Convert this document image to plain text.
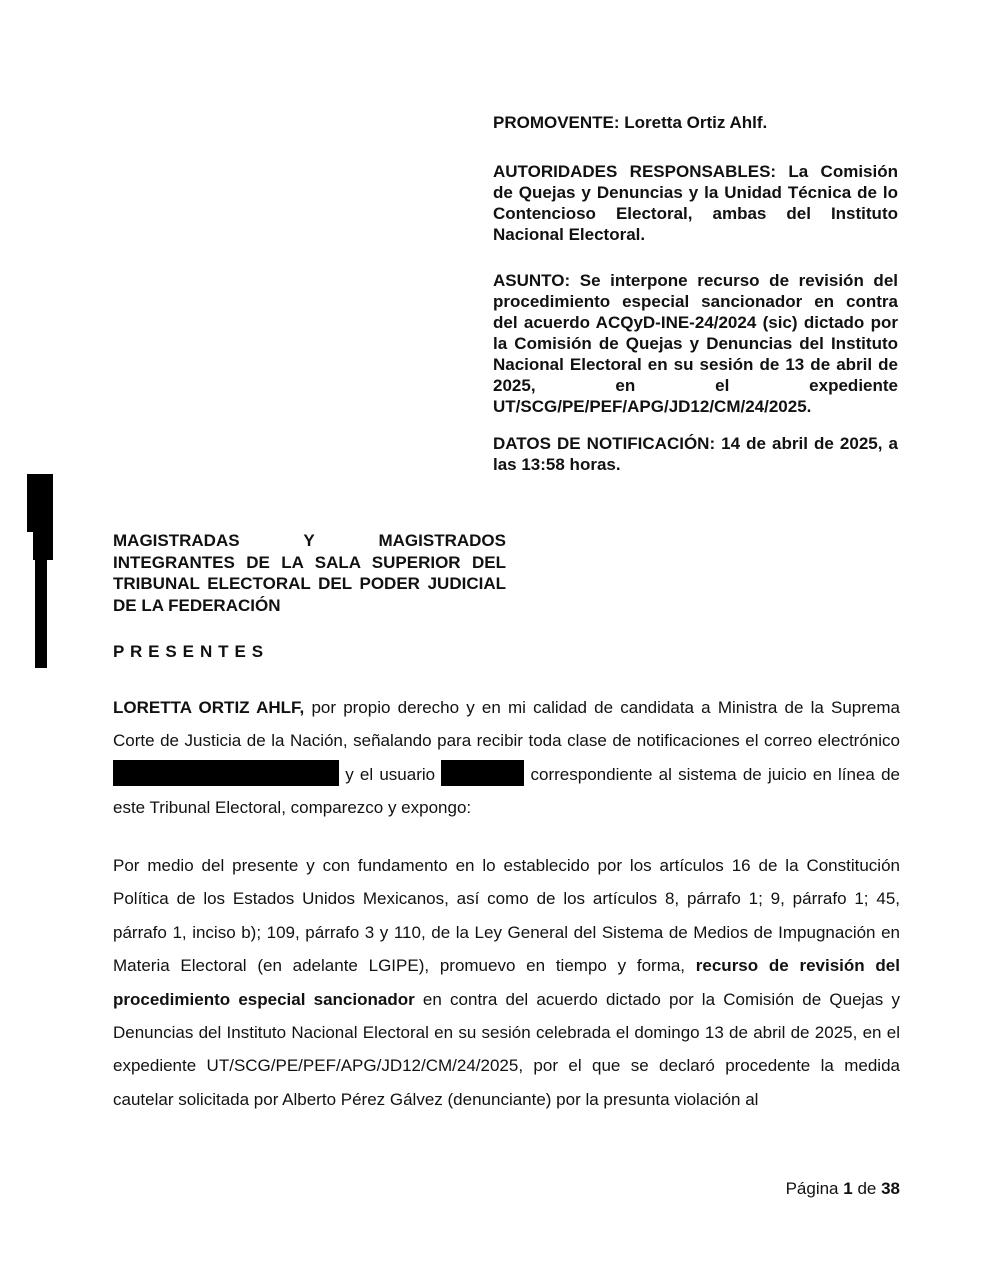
PROMOVENTE: Loretta Ortiz Ahlf.

AUTORIDADES RESPONSABLES: La Comisión de Quejas y Denuncias y la Unidad Técnica de lo Contencioso Electoral, ambas del Instituto Nacional Electoral.

ASUNTO: Se interpone recurso de revisión del procedimiento especial sancionador en contra del acuerdo ACQyD-INE-24/2024 (sic) dictado por la Comisión de Quejas y Denuncias del Instituto Nacional Electoral en su sesión de 13 de abril de 2025, en el expediente UT/SCG/PE/PEF/APG/JD12/CM/24/2025.

DATOS DE NOTIFICACIÓN: 14 de abril de 2025, a las 13:58 horas.

MAGISTRADAS Y MAGISTRADOS INTEGRANTES DE LA SALA SUPERIOR DEL TRIBUNAL ELECTORAL DEL PODER JUDICIAL DE LA FEDERACIÓN
P R E S E N T E S
LORETTA ORTIZ AHLF, por propio derecho y en mi calidad de candidata a Ministra de la Suprema Corte de Justicia de la Nación, señalando para recibir toda clase de notificaciones el correo electrónico  y el usuario	correspondiente al sistema de juicio en línea de este Tribunal Electoral, comparezco y expongo:
Por medio del presente y con fundamento en lo establecido por los artículos 16 de la Constitución Política de los Estados Unidos Mexicanos, así como de los artículos 8, párrafo 1; 9, párrafo 1; 45, párrafo 1, inciso b); 109, párrafo 3 y 110, de la Ley General del Sistema de Medios de Impugnación en Materia Electoral (en adelante LGIPE), promuevo en tiempo y forma, recurso de revisión del procedimiento especial sancionador en contra del acuerdo dictado por la Comisión de Quejas y Denuncias del Instituto Nacional Electoral en su sesión celebrada el domingo 13 de abril de 2025, en el expediente UT/SCG/PE/PEF/APG/JD12/CM/24/2025, por el que se declaró procedente la medida cautelar solicitada por Alberto Pérez Gálvez (denunciante) por la presunta violación al
Página 1 de 38
